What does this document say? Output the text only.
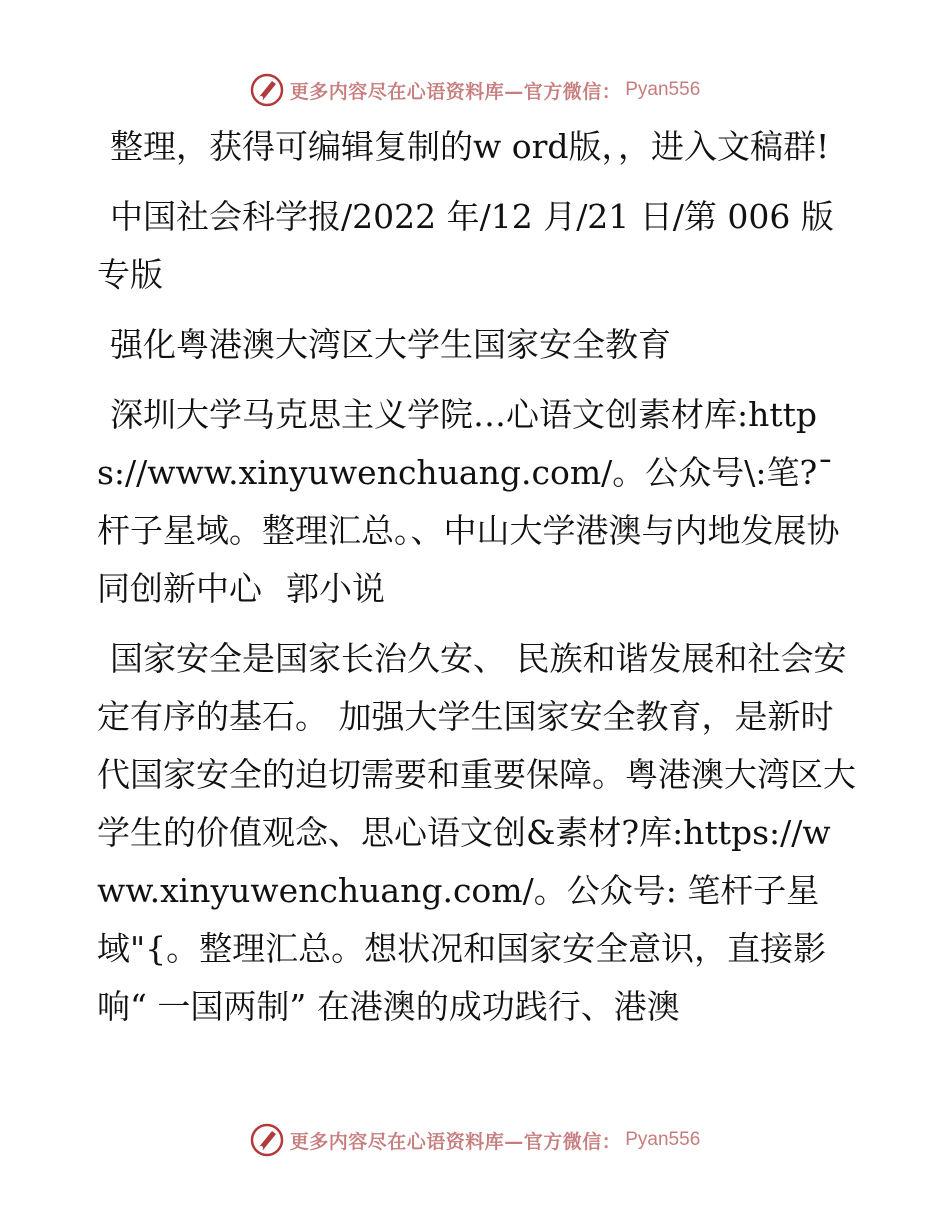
更多内容尽在心语资料库—官方微信： Pyan556

整理，获得可编辑复制的w ord版，，进入文稿群!

中国社会科学报/2022 年/12 月/21 日/第 006 版专版

强化粤港澳大湾区大学生国家安全教育

深圳大学马克思主义学院…心语文创素材库:https://www.xinyuwenchuang.com/。公众号\:笔?¯杆子星域。整理汇总。、中山大学港澳与内地发展协同创新中心 郭小说

国家安全是国家长治久安、 民族和谐发展和社会安定有序的基石。 加强大学生国家安全教育，是新时代国家安全的迫切需要和重要保障。粤港澳大湾区大学生的价值观念、思心语文创&素材?库:https://www.xinyuwenchuang.com/。公众号: 笔杆子星域"{。整理汇总。想状况和国家安全意识，直接影响“ 一国两制” 在港澳的成功践行、港澳

更多内容尽在心语资料库—官方微信： Pyan556
